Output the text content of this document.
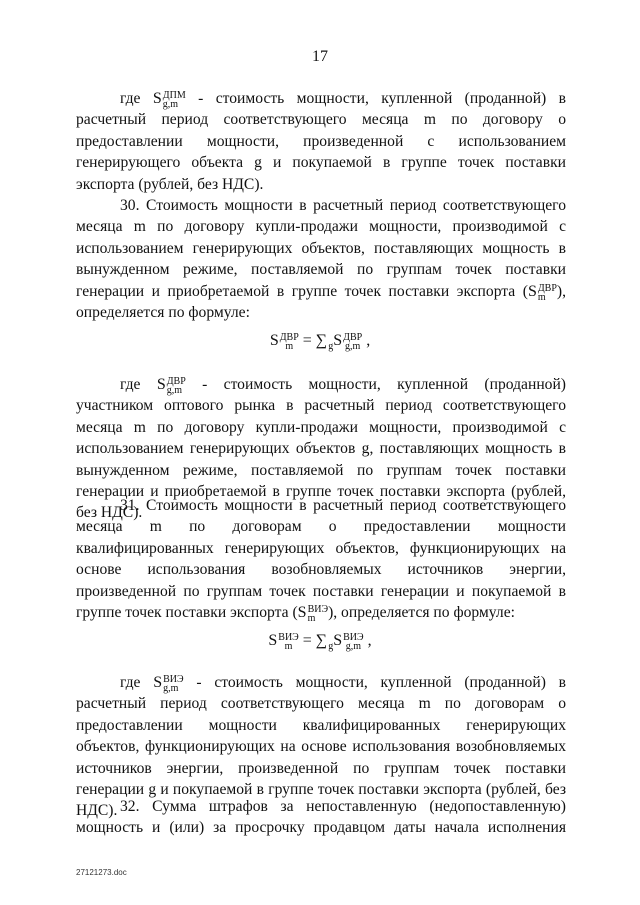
17

где S ДПМ
g,m - стоимость мощности, купленной (проданной) в расчетный период соответствующего месяца m по договору о предоставлении мощности, произведенной с использованием генерирующего объекта g и покупаемой в группе точек поставки экспорта (рублей, без НДС).

30. Стоимость мощности в расчетный период соответствующего месяца m по договору купли-продажи мощности, производимой с использованием генерирующих объектов, поставляющих мощность в вынужденном режиме, поставляемой по группам точек поставки генерации и приобретаемой в группе точек поставки экспорта (S ДВР
m ), определяется по формуле:

S ДВР
m = ∑
g S ДВР
g,m ,

где S ДВР
g,m - стоимость мощности, купленной (проданной) участником оптового рынка в расчетный период соответствующего месяца m по договору купли-продажи мощности, производимой с использованием генерирующих объектов g, поставляющих мощность в вынужденном режиме, поставляемой по группам точек поставки генерации и приобретаемой в группе точек поставки экспорта (рублей, без НДС).

31. Стоимость мощности в расчетный период соответствующего месяца m по договорам о предоставлении мощности квалифицированных генерирующих объектов, функционирующих на основе использования возобновляемых источников энергии, произведенной по группам точек поставки генерации и покупаемой в группе точек поставки экспорта (S ВИЭ
m ), определяется по формуле:

S ВИЭ
m = ∑
g S ВИЭ
g,m ,

где S ВИЭ
g,m - стоимость мощности, купленной (проданной) в расчетный период соответствующего месяца m по договорам о предоставлении мощности квалифицированных генерирующих объектов, функционирующих на основе использования возобновляемых источников энергии, произведенной по группам точек поставки генерации g и покупаемой в группе точек поставки экспорта (рублей, без НДС). 32. Сумма штрафов за непоставленную (недопоставленную) мощность и (или) за просрочку продавцом даты начала исполнения

27121273.doc
